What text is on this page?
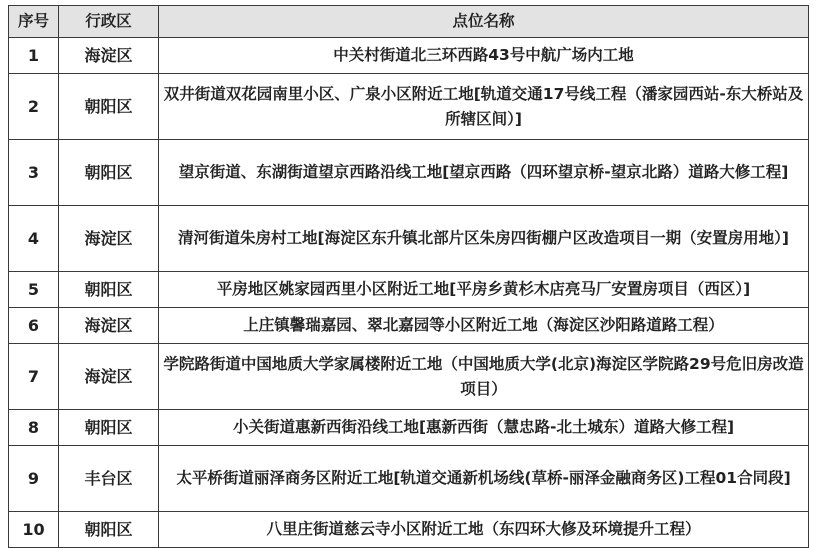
序号	行政区	点位名称
1	海淀区	中关村街道北三环西路43号中航广场内工地
2	朝阳区	双井街道双花园南里小区、广泉小区附近工地[轨道交通17号线工程（潘家园西站-东大桥站及所辖区间）]
3	朝阳区	望京街道、东湖街道望京西路沿线工地[望京西路（四环望京桥-望京北路）道路大修工程]
4	海淀区	清河街道朱房村工地[海淀区东升镇北部片区朱房四街棚户区改造项目一期（安置房用地）]
5	朝阳区	平房地区姚家园西里小区附近工地[平房乡黄杉木店亮马厂安置房项目（西区）]
6	海淀区	上庄镇馨瑞嘉园、翠北嘉园等小区附近工地（海淀区沙阳路道路工程）
7	海淀区	学院路街道中国地质大学家属楼附近工地（中国地质大学(北京)海淀区学院路29号危旧房改造项目）
8	朝阳区	小关街道惠新西街沿线工地[惠新西街（慧忠路-北土城东）道路大修工程]
9	丰台区	太平桥街道丽泽商务区附近工地[轨道交通新机场线(草桥-丽泽金融商务区)工程01合同段]
10	朝阳区	八里庄街道慈云寺小区附近工地（东四环大修及环境提升工程）
